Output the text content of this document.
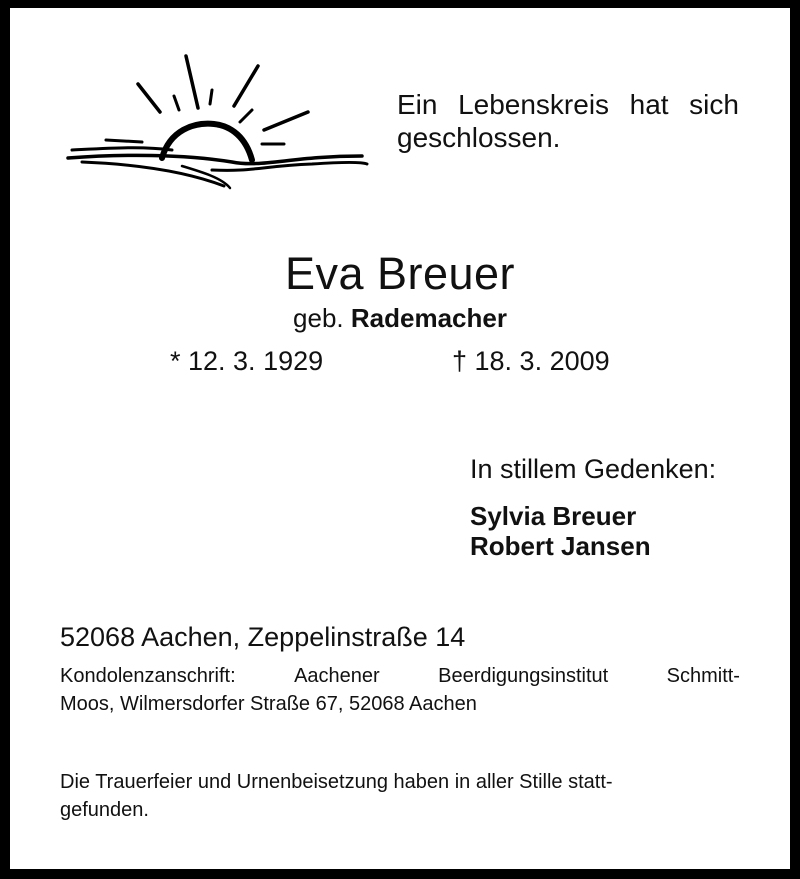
Ein Lebenskreis hat sich
geschlossen.
Eva Breuer
geb. Rademacher
* 12. 3. 1929	† 18. 3. 2009
In stillem Gedenken:
Sylvia Breuer
Robert Jansen
52068 Aachen, Zeppelinstraße 14
Kondolenzanschrift:	Aachener	Beerdigungsinstitut	Schmitt-
Moos, Wilmersdorfer Straße 67, 52068 Aachen
Die Trauerfeier und Urnenbeisetzung haben in aller Stille statt-
gefunden.
